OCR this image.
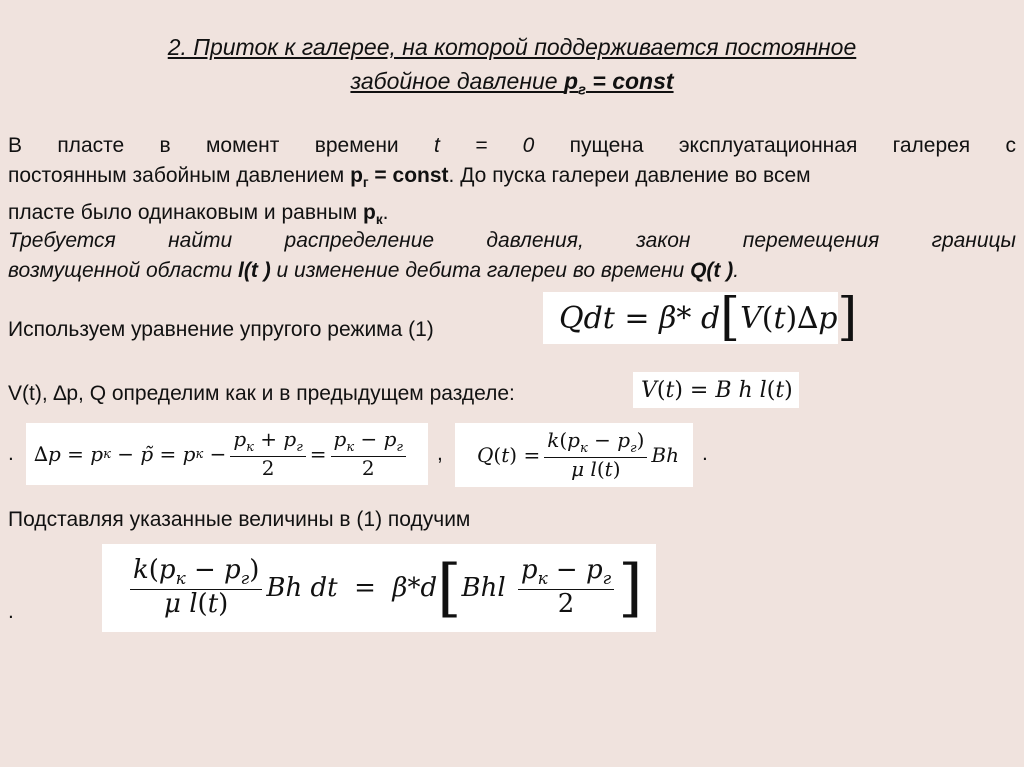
2. Приток к галерее, на которой поддерживается постоянное
забойное давление $p_г$ = const
В пласте в момент времени t = 0 пущена эксплуатационная галерея с
постоянным забойным давлением $p_г$ = const. До пуска галереи давление во всем
пласте было одинаковым и равным $p_к$.
Требуется найти распределение давления, закон перемещения границы
возмущенной области l(t ) и изменение дебита галереи во времени Q(t ).
Используем уравнение упругого режима (1)	Qdt = β* d [ V ( t ) ∆ p ]
V(t), ∆p, Q определим как и в предыдущем разделе:	V ( t )
= B h l ( t )
. ∆ p = p к
− p̃ = p к
− $\frac{p_к + p_г}{2} = \frac{p_к - p_г}{2}$ ,	Q ( t )
= $\frac{k(p_к - p_г)}{\text{μ l(t)}}$ Bh	.
Подставляя указанные величины в (1) подучим
.	$\frac{k(p_к - p_г)}{\text{μ l(t)}}$ Bh dt = β*d [ Bhl $\frac{p_к - p_г}{2}$ ]
